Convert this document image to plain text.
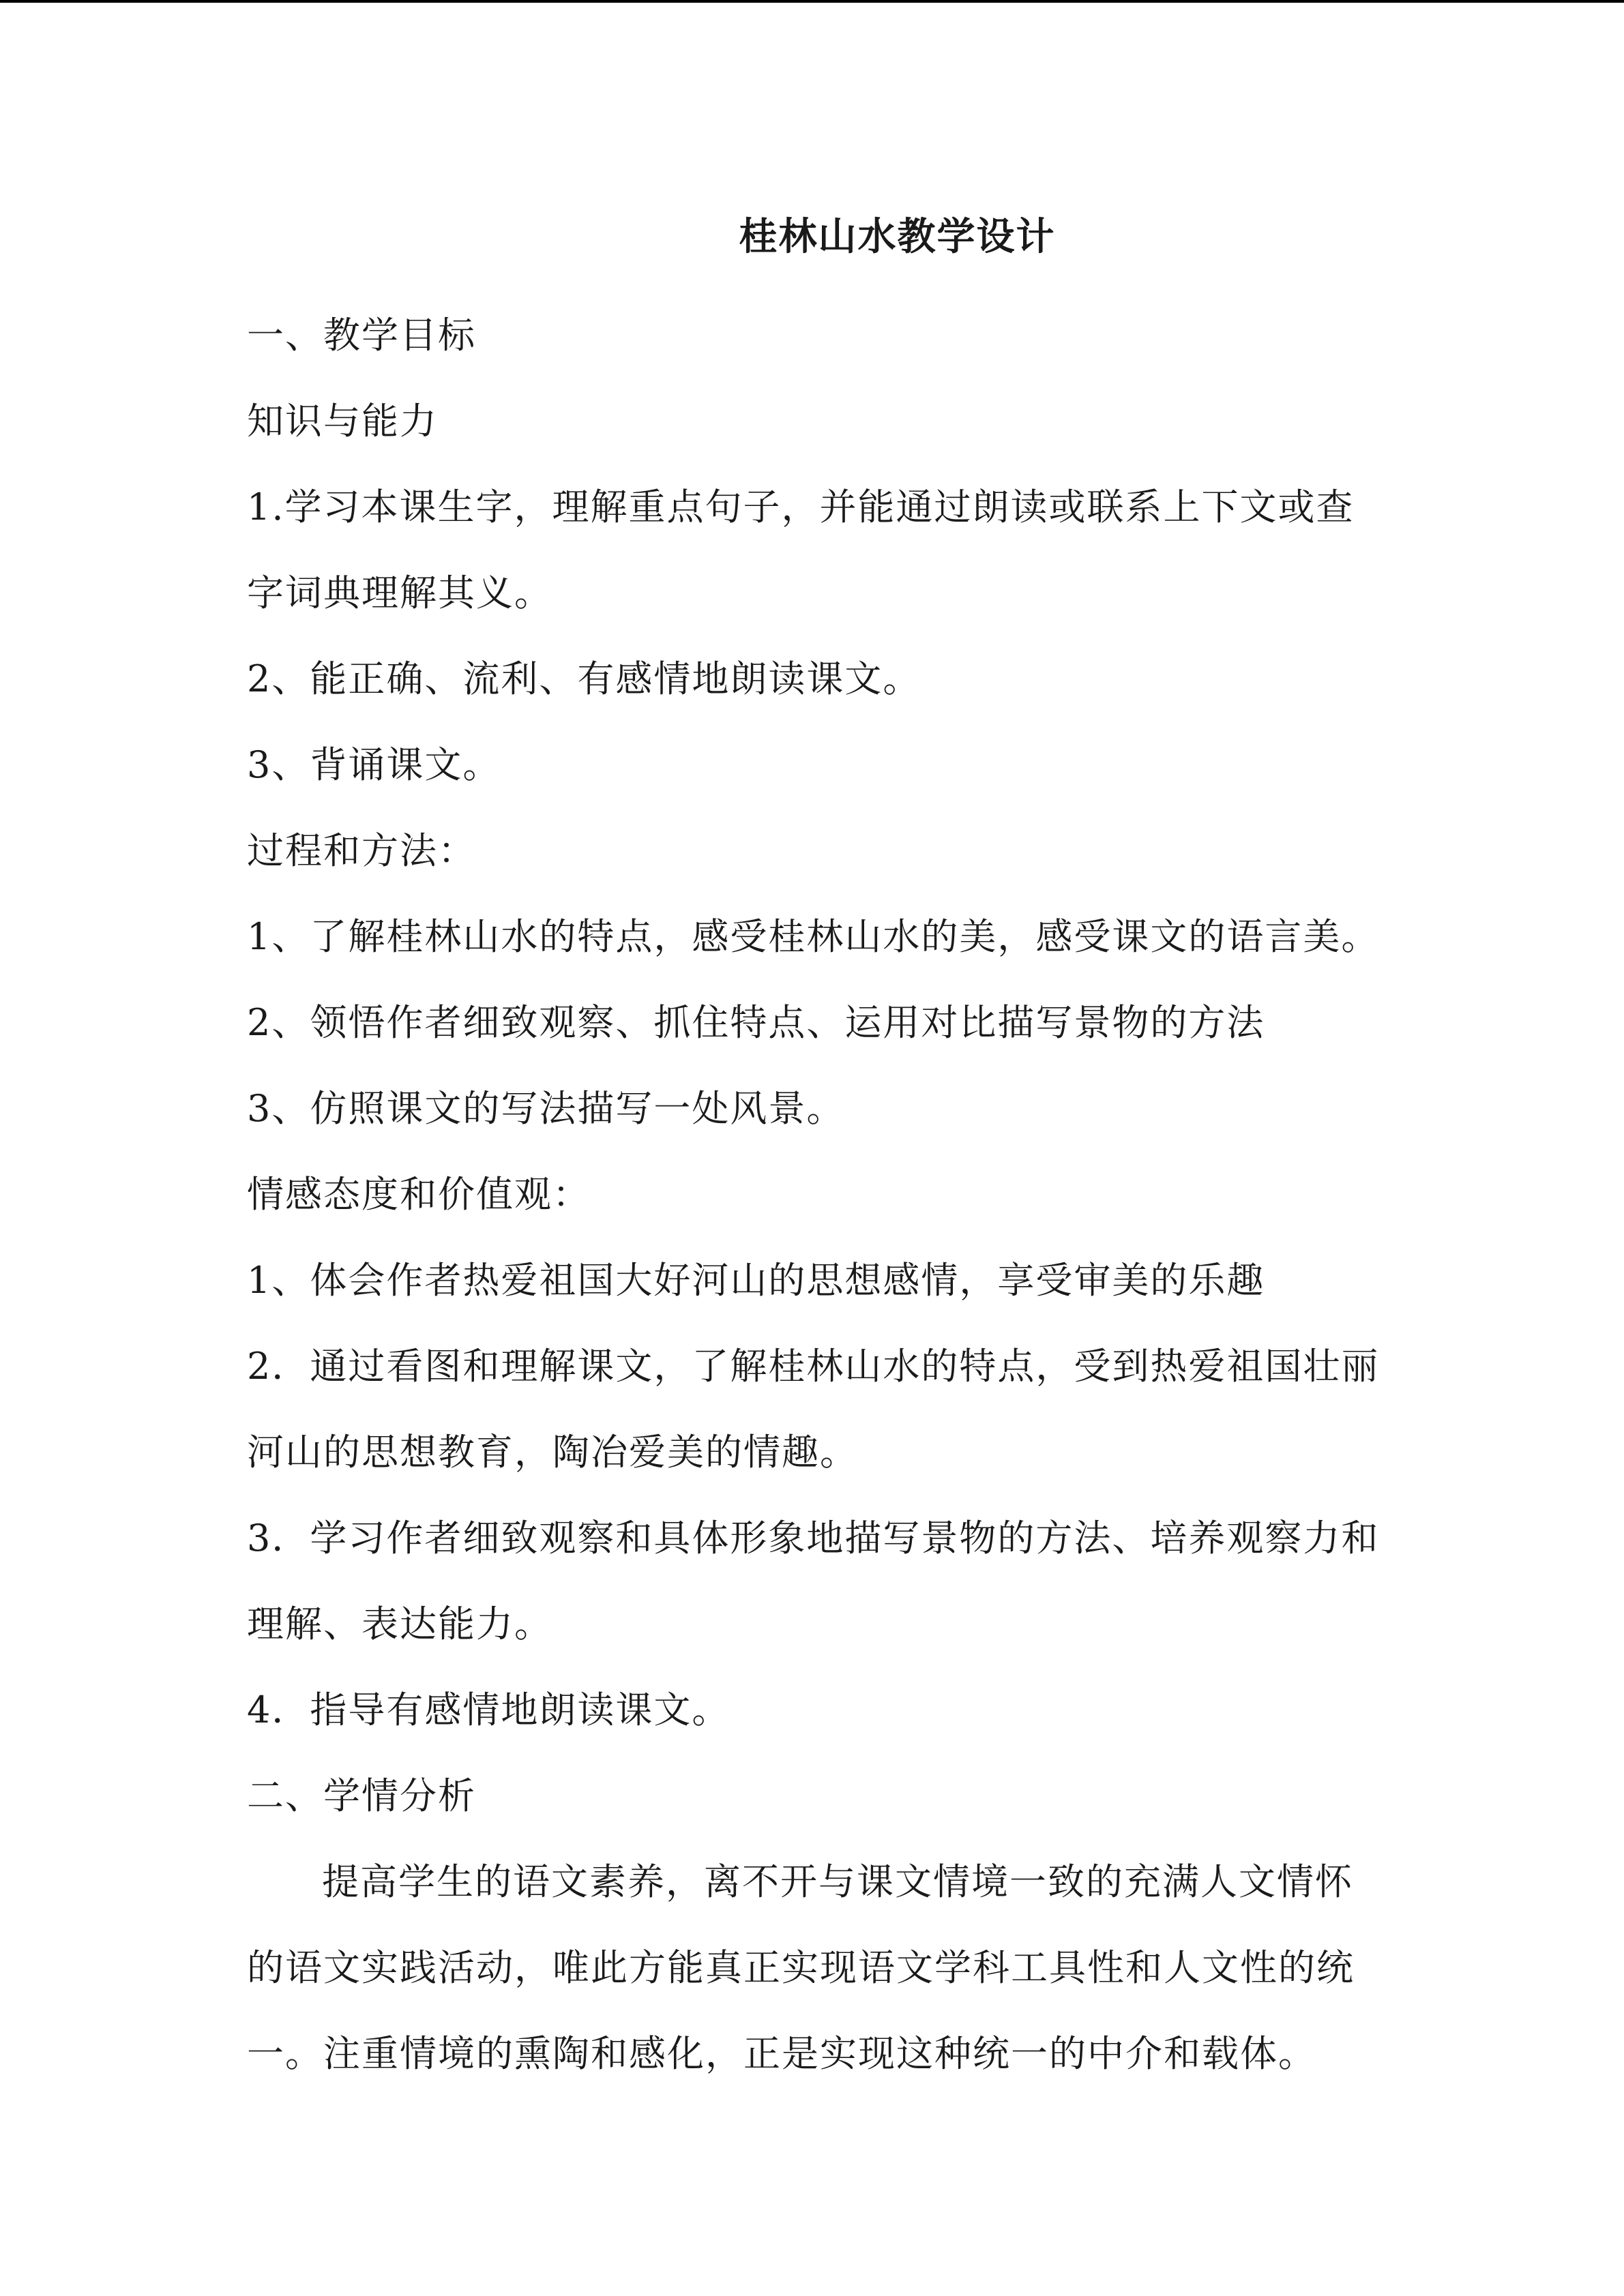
桂林山水教学设计
一、教学目标
知识与能力
1.学习本课生字，理解重点句子，并能通过朗读或联系上下文或查
字词典理解其义。
2、能正确、流利、有感情地朗读课文。
3、背诵课文。
过程和方法：
1、了解桂林山水的特点，感受桂林山水的美，感受课文的语言美。
2、领悟作者细致观察、抓住特点、运用对比描写景物的方法
3、仿照课文的写法描写一处风景。
情感态度和价值观：
1、体会作者热爱祖国大好河山的思想感情，享受审美的乐趣
2．通过看图和理解课文，了解桂林山水的特点，受到热爱祖国壮丽
河山的思想教育，陶冶爱美的情趣。
3．学习作者细致观察和具体形象地描写景物的方法、培养观察力和
理解、表达能力。
4．指导有感情地朗读课文。
二、学情分析
提高学生的语文素养，离不开与课文情境一致的充满人文情怀
的语文实践活动，唯此方能真正实现语文学科工具性和人文性的统
一。注重情境的熏陶和感化，正是实现这种统一的中介和载体。
